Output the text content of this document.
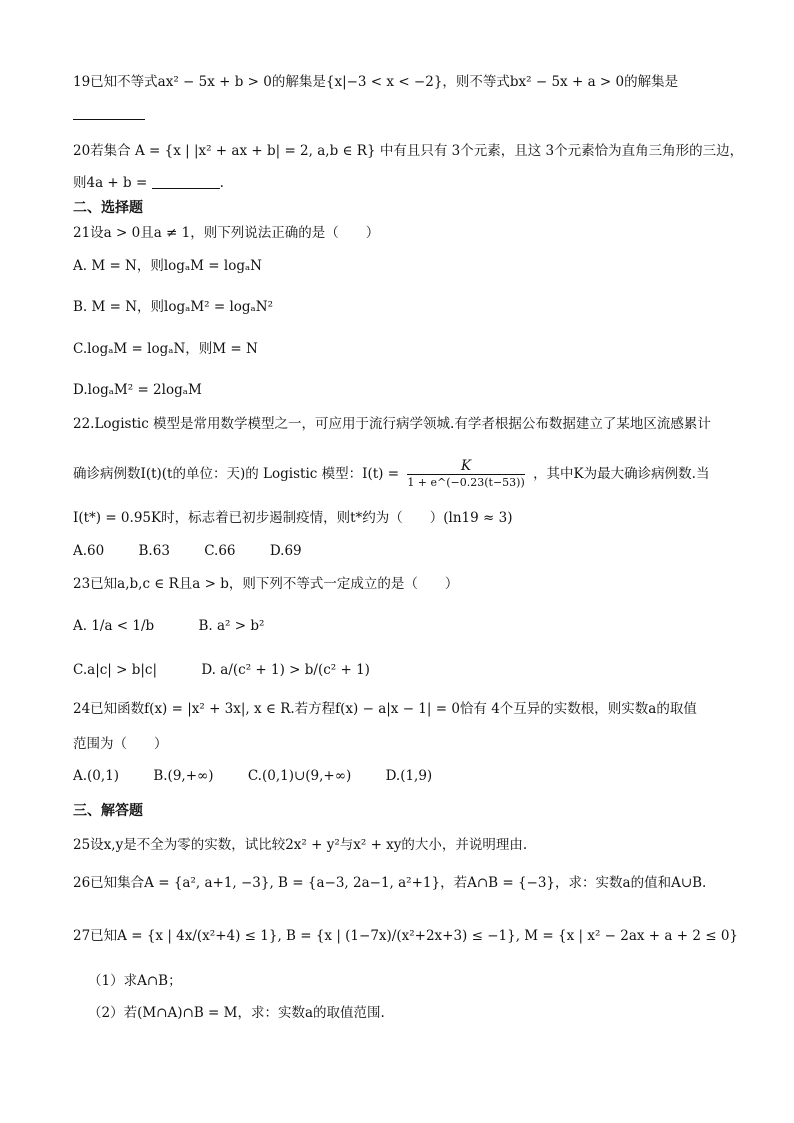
19已知不等式ax² − 5x + b > 0的解集是{x|−3 < x < −2}，则不等式bx² − 5x + a > 0的解集是
20若集合 A = {x | |x² + ax + b| = 2, a,b ∈ R} 中有且只有 3个元素，且这 3个元素恰为直角三角形的三边，
则4a + b =	.
二、选择题
21设a > 0且a ≠ 1，则下列说法正确的是（　　）
A. M = N，则logₐM = logₐN
B. M = N，则logₐM² = logₐN²
C.logₐM = logₐN，则M = N
D.logₐM² = 2logₐM
22.Logistic 模型是常用数学模型之一，可应用于流行病学领城.有学者根据公布数据建立了某地区流感累计
确诊病例数I(t)(t的单位：天)的 Logistic 模型：I(t) =	K
1 + e^(−0.23(t−53))
，其中K为最大确诊病例数.当
I(t*) = 0.95K时，标志着已初步遏制疫情，则t*约为（　　）(ln19 ≈ 3)
A.60	B.63	C.66	D.69
23已知a,b,c ∈ R且a > b，则下列不等式一定成立的是（　　）
A. 1/a < 1/b	B. a² > b²
C.a|c| > b|c|	D. a/(c² + 1) > b/(c² + 1)
24已知函数f(x) = |x² + 3x|, x ∈ R.若方程f(x) − a|x − 1| = 0恰有 4个互异的实数根，则实数a的取值
范围为（　　）
A.(0,1)	B.(9,+∞)	C.(0,1)∪(9,+∞)	D.(1,9)
三、解答题
25设x,y是不全为零的实数，试比较2x² + y²与x² + xy的大小，并说明理由.
26已知集合A = {a², a+1, −3}, B = {a−3, 2a−1, a²+1}，若A∩B = {−3}，求：实数a的值和A∪B.
27已知A = {x | 4x/(x²+4) ≤ 1}, B = {x | (1−7x)/(x²+2x+3) ≤ −1}, M = {x | x² − 2ax + a + 2 ≤ 0}
（1）求A∩B；
（2）若(M∩A)∩B = M，求：实数a的取值范围.
